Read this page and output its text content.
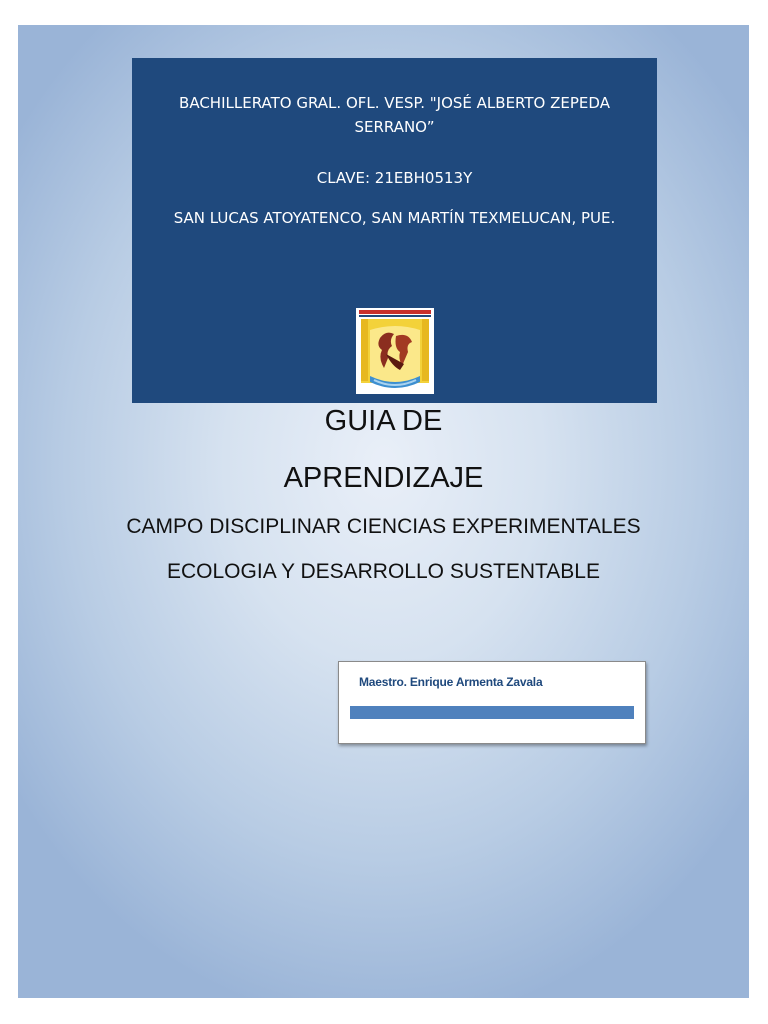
BACHILLERATO GRAL. OFL. VESP. "JOSÉ ALBERTO ZEPEDA SERRANO”
CLAVE: 21EBH0513Y
SAN LUCAS ATOYATENCO, SAN MARTÍN TEXMELUCAN, PUE.
GUIA DE
APRENDIZAJE
CAMPO DISCIPLINAR CIENCIAS EXPERIMENTALES
ECOLOGIA Y DESARROLLO SUSTENTABLE
Maestro. Enrique Armenta Zavala
